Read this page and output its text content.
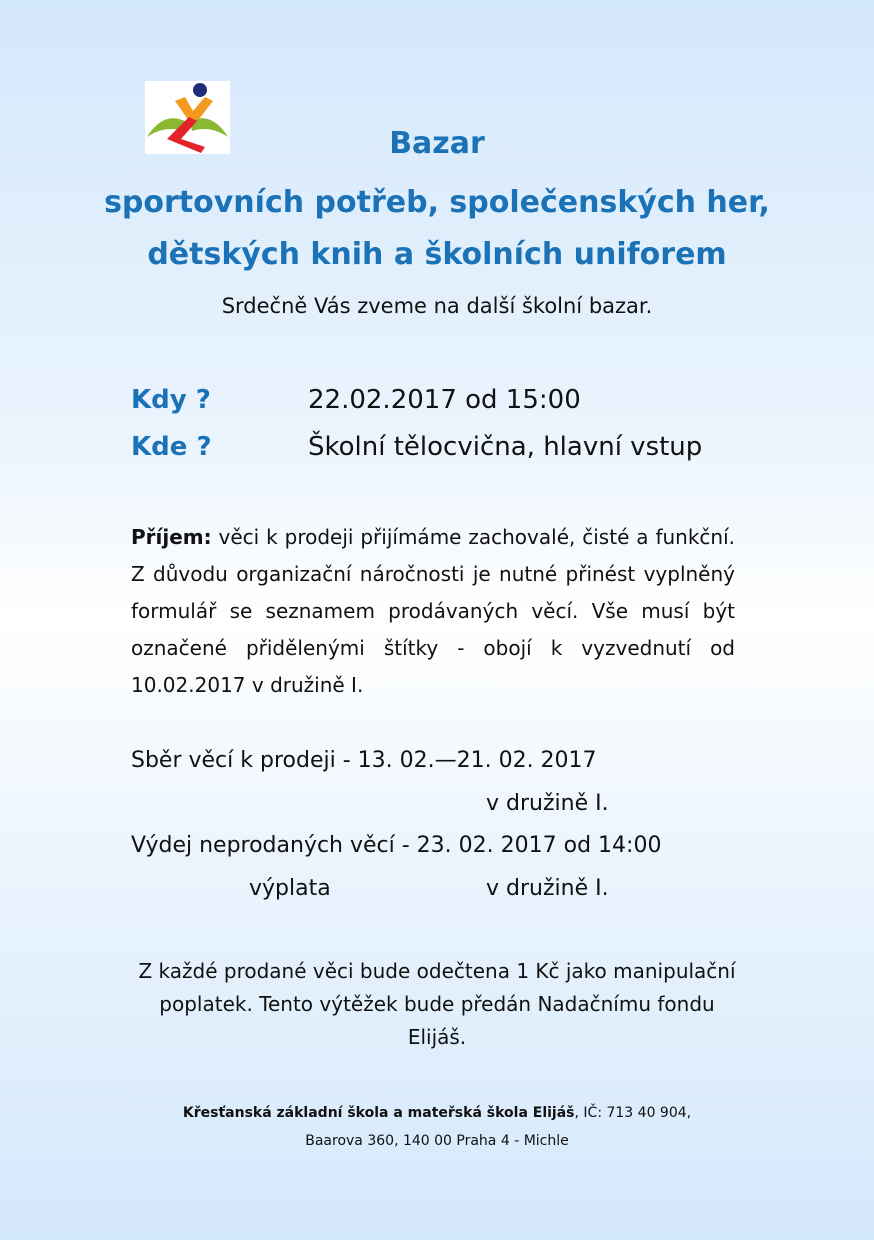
Bazar
sportovních potřeb, společenských her,
dětských knih a školních uniforem
Srdečně Vás zveme na další školní bazar.
Kdy ?	22.02.2017 od 15:00
Kde ?	Školní tělocvična, hlavní vstup

Příjem: věci k prodeji přijímáme zachovalé, čisté a funkční. Z důvodu organizační náročnosti je nutné přinést vyplněný formulář se seznamem prodávaných věcí. Vše musí být označené přidělenými štítky - obojí k vyzvednutí od 10.02.2017 v družině I.

Sběr věcí k prodeji - 13. 02.—21. 02. 2017
v družině I.
Výdej neprodaných věcí - 23. 02. 2017 od 14:00
výplata	v družině I.
Z každé prodané věci bude odečtena 1 Kč jako manipulační
poplatek. Tento výtěžek bude předán Nadačnímu fondu
Elijáš.
Křesťanská základní škola a mateřská škola Elijáš, IČ: 713 40 904,
Baarova 360, 140 00 Praha 4 - Michle
